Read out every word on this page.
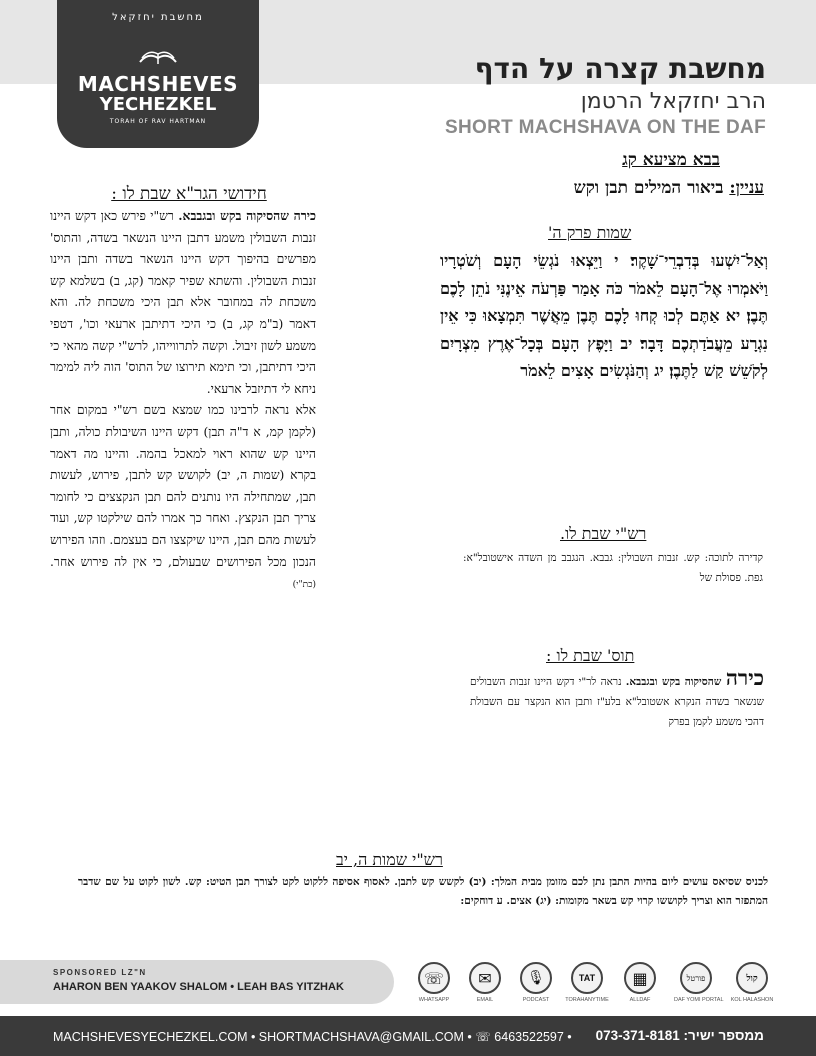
מחשבת יחזקאל
MACHSHEVES
YECHEZKEL
TORAH OF RAV HARTMAN
מחשבת קצרה על הדף
הרב יחזקאל הרטמן
SHORT MACHSHAVA ON THE DAF
בבא מציעא קג
עניין: ביאור המילים תבן וקש
חידושי הגר"א שבת לו :

כירה שהסיקוה בקש ובגבבא. רש"י פירש כאן דקש היינו זנבות השבולין משמע דתבן היינו הנשאר בשדה, והתוס' מפרשים בהיפוך דקש היינו הנשאר בשדה ותבן היינו זנבות השבולין. והשתא שפיר קאמר (קג, ב) בשלמא קש משכחת לה במחובר אלא תבן היכי משכחת לה. והא דאמר (ב"מ קג, ב) כי היכי דתיתבן ארעאי וכו', דטפי משמע לשון זיבול. וקשה לתרווייהו, לרש"י קשה מהאי כי היכי דתיתבן, וכי תימא תירוצו של התוס' הוה ליה למימר ניחא לי דתיזבל ארעאי.

אלא נראה לרבינו כמו שמצא בשם רש"י במקום אחר (לקמן קמ, א ד"ה תבן) דקש היינו השיבולת כולה, ותבן היינו קש שהוא ראוי למאכל בהמה. והיינו מה דאמר בקרא (שמות ה, יב) לקושש קש לתבן, פירוש, לעשות תבן, שמתחילה היו נותנים להם תבן הנקצצים כי לחומר צריך תבן הנקצץ. ואחר כך אמרו להם שילקטו קש, ועוד לעשות מהם תבן, היינו שיקצצו הם בעצמם. וזהו הפירוש הנכון מכל הפירושים שבעולם, כי אין לה פירוש אחר. (כת"י)

שמות פרק ה'
וְאַל־יִשְׁעוּ בְּדִבְרֵי־שָׁקֶר׃ י וַיֵּצְאוּ נֹגְשֵׂי הָעָם וְשֹׁטְרָיו וַיֹּאמְרוּ אֶל־הָעָם לֵאמֹר כֹּה אָמַר פַּרְעֹה אֵינֶנִּי נֹתֵן לָכֶם תֶּבֶן׃ יא אַתֶּם לְכוּ קְחוּ לָכֶם תֶּבֶן מֵאֲשֶׁר תִּמְצָאוּ כִּי אֵין נִגְרָע מֵעֲבֹדַתְכֶם דָּבָר׃ יב וַיָּפֶץ הָעָם בְּכָל־אֶרֶץ מִצְרָיִם לְקֹשֵׁשׁ קַשׁ לַתֶּבֶן׃ יג וְהַנֹּגְשִׂים אָצִים לֵאמֹר
רש"י שבת לו.
קדירה לתוכה: קש. זנבות השבולין: גבבא. הנגבב מן השדה אישטובל"א: גפת. פסולת של
תוס' שבת לו :
כירה שהסיקוה בקש ובגבבא. נראה לר"י דקש היינו זנבות השבולים שנשאר בשדה הנקרא אשטובל"א בלע"ז ותבן הוא הנקצר עם השבולת דהכי משמע לקמן בפרק
רש"י שמות ה, יב
לכניס שסיאס עושים ליום בהיות התבן נתן לכם מזומן מבית המלך: (יב) לקשש קש לתבן. לאסוף אסיפה ללקוט לקט לצורך תבן הטיט: קש. לשון לקוט על שם שדבר המתפזר הוא וצריך לקוששו קרוי קש בשאר מקומות: (יג) אצים. ע דוחקים:
SPONSORED LZ"N
AHARON BEN YAAKOV SHALOM • LEAH BAS YITZHAK	☏
WHATSAPP
✉
EMAIL
🎙
PODCAST
TAT
TORAHANYTIME
▦
ALLDAF
פורטל
DAF YOMI PORTAL
קול
KOL HALASHON
MACHSHEVESYECHEZKEL.COM • SHORTMACHSHAVA@GMAIL.COM • ☏ 6463522597 • ממספר ישיר: 073-371-8181
